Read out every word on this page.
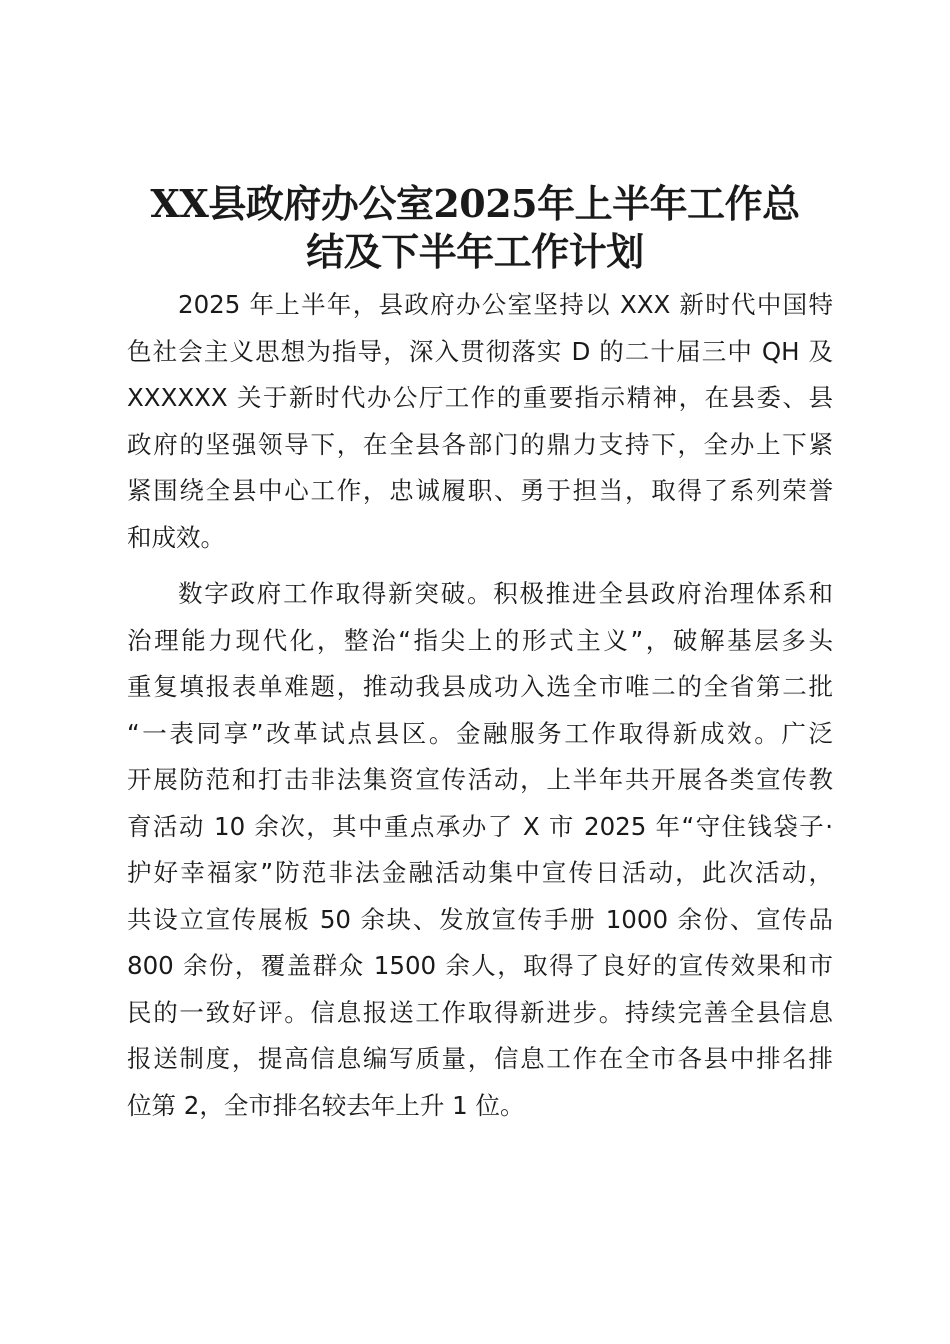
XX县政府办公室2025年上半年工作总
结及下半年工作计划

2025 年上半年，县政府办公室坚持以 XXX 新时代中国特
色社会主义思想为指导，深入贯彻落实 D 的二十届三中 QH 及
XXXXXX 关于新时代办公厅工作的重要指示精神，在县委、县
政府的坚强领导下，在全县各部门的鼎力支持下，全办上下紧
紧围绕全县中心工作，忠诚履职、勇于担当，取得了系列荣誉
和成效。

数字政府工作取得新突破。积极推进全县政府治理体系和
治理能力现代化，整治“指尖上的形式主义”，破解基层多头
重复填报表单难题，推动我县成功入选全市唯二的全省第二批
“一表同享”改革试点县区。金融服务工作取得新成效。广泛
开展防范和打击非法集资宣传活动，上半年共开展各类宣传教
育活动 10 余次，其中重点承办了 X 市 2025 年“守住钱袋子·
护好幸福家”防范非法金融活动集中宣传日活动，此次活动，
共设立宣传展板 50 余块、发放宣传手册 1000 余份、宣传品
800 余份，覆盖群众 1500 余人，取得了良好的宣传效果和市
民的一致好评。信息报送工作取得新进步。持续完善全县信息
报送制度，提高信息编写质量，信息工作在全市各县中排名排
位第 2，全市排名较去年上升 1 位。
